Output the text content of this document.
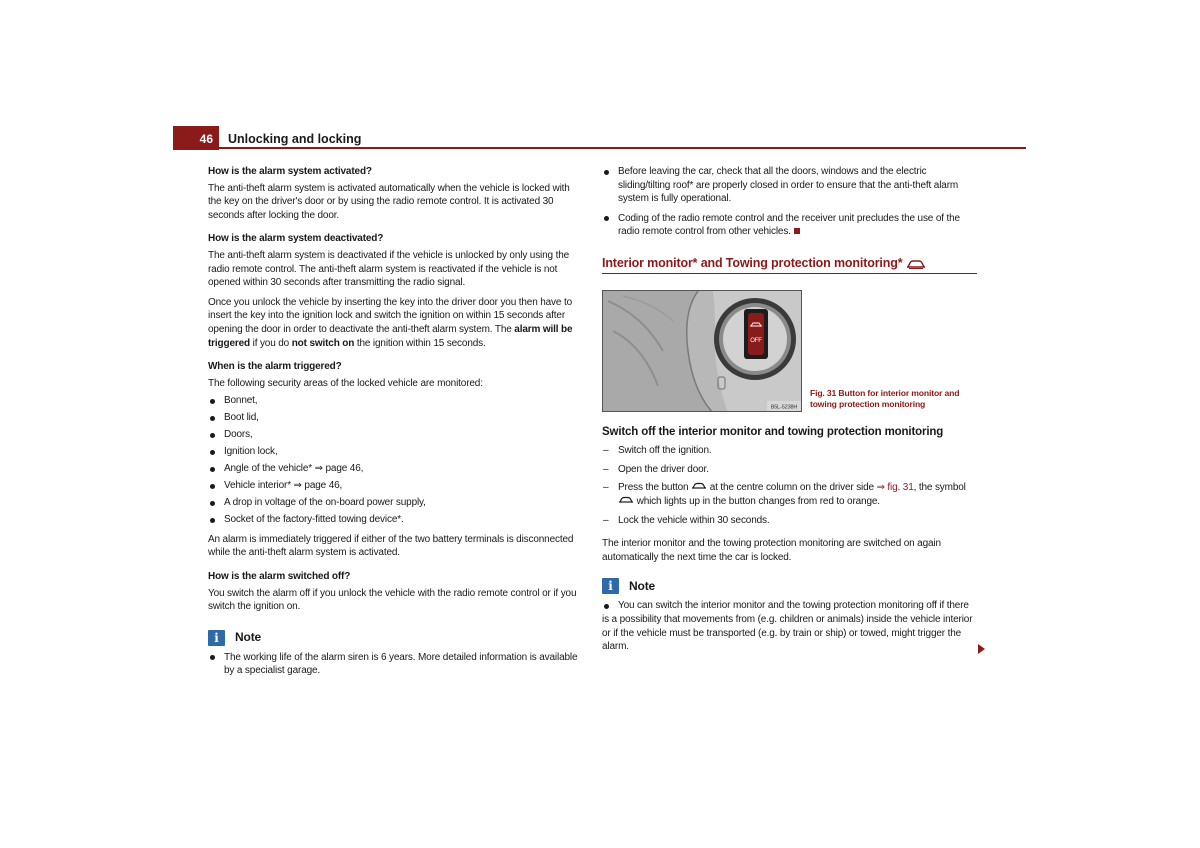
46 Unlocking and locking
How is the alarm system activated?

The anti-theft alarm system is activated automatically when the vehicle is locked with the key on the driver's door or by using the radio remote control. It is activated 30 seconds after locking the door.

How is the alarm system deactivated?

The anti-theft alarm system is deactivated if the vehicle is unlocked by only using the radio remote control. The anti-theft alarm system is reactivated if the vehicle is not opened within 30 seconds after transmitting the radio signal.

Once you unlock the vehicle by inserting the key into the driver door you then have to insert the key into the ignition lock and switch the ignition on within 15 seconds after opening the door in order to deactivate the anti-theft alarm system. The alarm will be triggered if you do not switch on the ignition within 15 seconds.

When is the alarm triggered?

The following security areas of the locked vehicle are monitored:

Bonnet,
Boot lid,
Doors,
Ignition lock,
Angle of the vehicle* ⇒ page 46,
Vehicle interior* ⇒ page 46,
A drop in voltage of the on-board power supply,
Socket of the factory-fitted towing device*.

An alarm is immediately triggered if either of the two battery terminals is disconnected while the anti-theft alarm system is activated.

How is the alarm switched off?

You switch the alarm off if you unlock the vehicle with the radio remote control or if you switch the ignition on.

i	Note
The working life of the alarm siren is 6 years. More detailed information is available by a specialist garage.
Before leaving the car, check that all the doors, windows and the electric sliding/tilting roof* are properly closed in order to ensure that the anti-theft alarm system is fully operational.
Coding of the radio remote control and the receiver unit precludes the use of the radio remote control from other vehicles.
Interior monitor* and Towing protection monitoring*
OFF
B5L-5238H
Fig. 31 Button for interior monitor and towing protection monitoring
Switch off the interior monitor and towing protection monitoring
– Switch off the ignition.
– Open the driver door.
– Press the button  at the centre column on the driver side ⇒ fig. 31, the symbol  which lights up in the button changes from red to orange.
– Lock the vehicle within 30 seconds.

The interior monitor and the towing protection monitoring are switched on again automatically the next time the car is locked.

i	Note
You can switch the interior monitor and the towing protection monitoring off if there is a possibility that movements from (e.g. children or animals) inside the vehicle interior or if the vehicle must be transported (e.g. by train or ship) or towed, might trigger the alarm.
